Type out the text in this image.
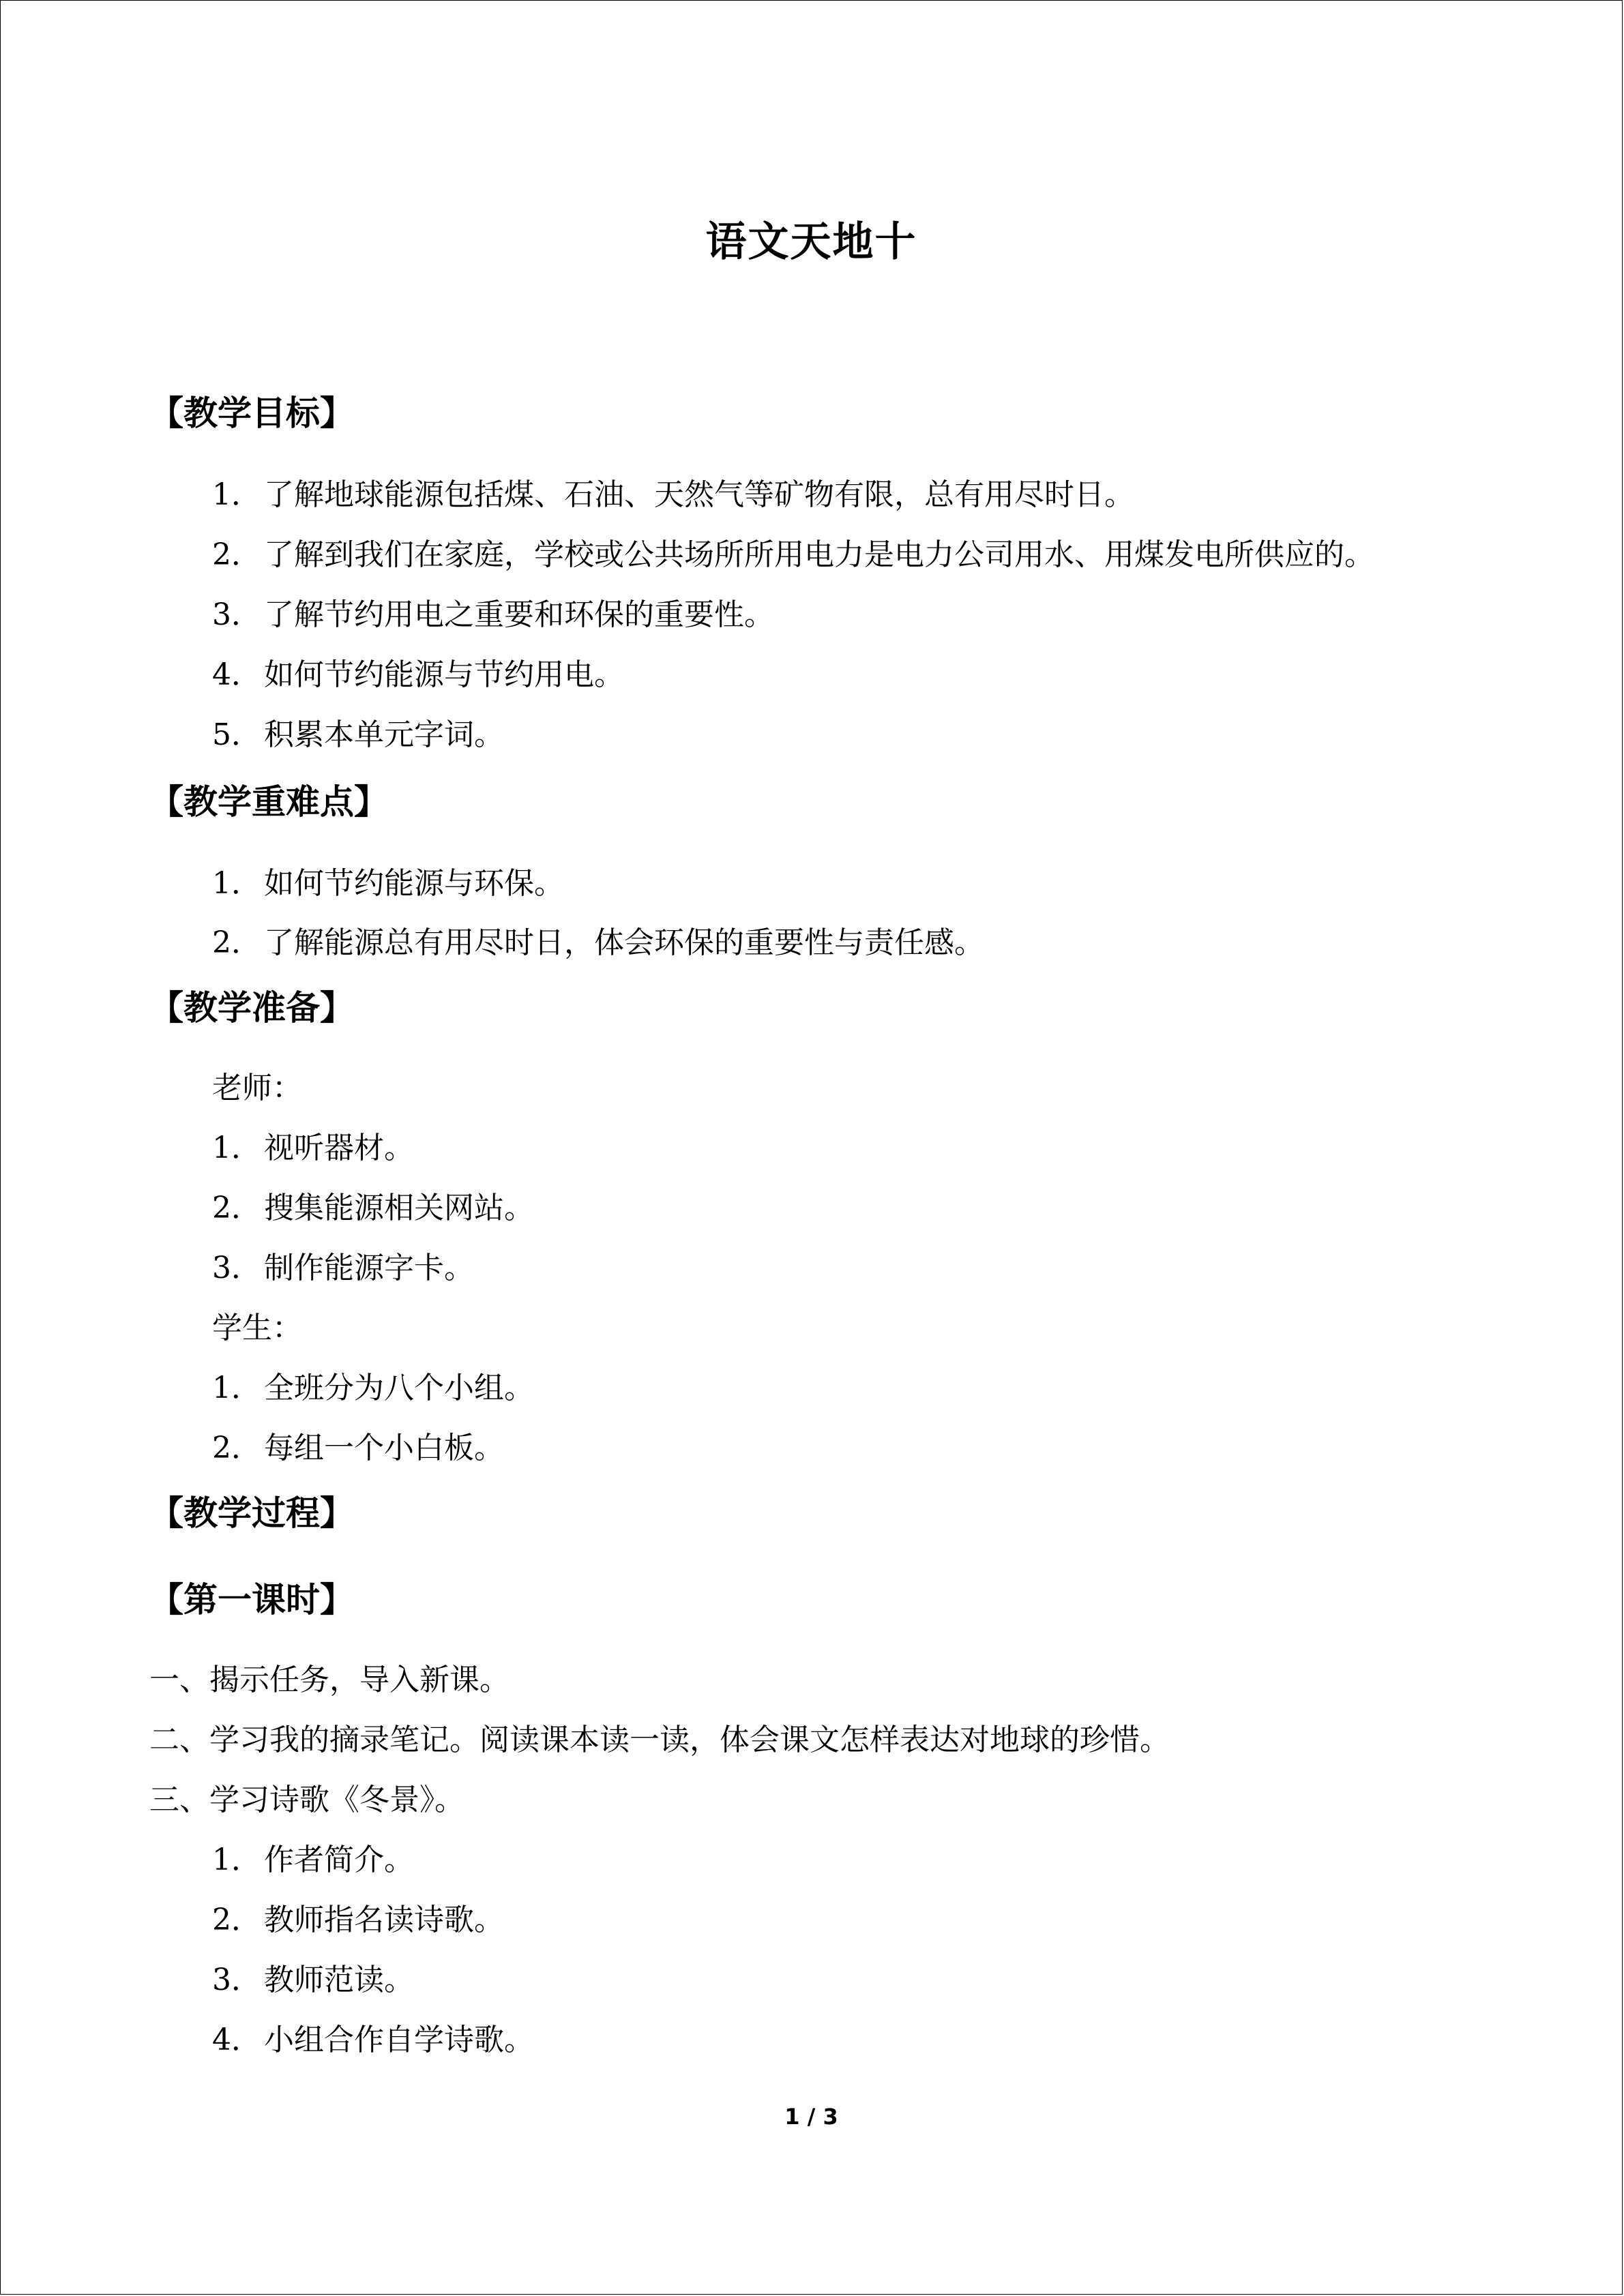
语文天地十
【教学目标】
1．了解地球能源包括煤、石油、天然气等矿物有限，总有用尽时日。
2．了解到我们在家庭，学校或公共场所所用电力是电力公司用水、用煤发电所供应的。
3．了解节约用电之重要和环保的重要性。
4．如何节约能源与节约用电。
5．积累本单元字词。
【教学重难点】
1．如何节约能源与环保。
2．了解能源总有用尽时日，体会环保的重要性与责任感。
【教学准备】
老师：
1．视听器材。
2．搜集能源相关网站。
3．制作能源字卡。
学生：
1．全班分为八个小组。
2．每组一个小白板。
【教学过程】
【第一课时】
一、揭示任务，导入新课。
二、学习我的摘录笔记。阅读课本读一读，体会课文怎样表达对地球的珍惜。
三、学习诗歌《冬景》。
1．作者简介。
2．教师指名读诗歌。
3．教师范读。
4．小组合作自学诗歌。
1 / 3
